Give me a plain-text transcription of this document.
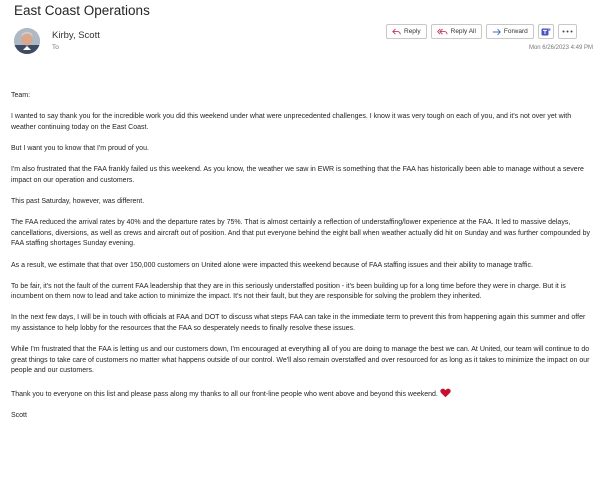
East Coast Operations
Kirby, Scott
To
Reply	Reply All	Forward
Mon 6/26/2023 4:49 PM

Team:

I wanted to say thank you for the incredible work you did this weekend under what were unprecedented challenges. I know it was very tough on each of you, and it's not over yet with weather continuing today on the East Coast.

But I want you to know that I'm proud of you.

I'm also frustrated that the FAA frankly failed us this weekend. As you know, the weather we saw in EWR is something that the FAA has historically been able to manage without a severe impact on our operation and customers.

This past Saturday, however, was different.

The FAA reduced the arrival rates by 40% and the departure rates by 75%. That is almost certainly a reflection of understaffing/lower experience at the FAA. It led to massive delays, cancellations, diversions, as well as crews and aircraft out of position. And that put everyone behind the eight ball when weather actually did hit on Sunday and was further compounded by FAA staffing shortages Sunday evening.

As a result, we estimate that that over 150,000 customers on United alone were impacted this weekend because of FAA staffing issues and their ability to manage traffic.

To be fair, it's not the fault of the current FAA leadership that they are in this seriously understaffed position - it's been building up for a long time before they were in charge. But it is incumbent on them now to lead and take action to minimize the impact. It's not their fault, but they are responsible for solving the problem they inherited.

In the next few days, I will be in touch with officials at FAA and DOT to discuss what steps FAA can take in the immediate term to prevent this from happening again this summer and offer my assistance to help lobby for the resources that the FAA so desperately needs to finally resolve these issues.

While I'm frustrated that the FAA is letting us and our customers down, I'm encouraged at everything all of you are doing to manage the best we can. At United, our team will continue to do great things to take care of customers no matter what happens outside of our control. We'll also remain overstaffed and over resourced for as long as it takes to minimize the impact on our people and our customers.

Thank you to everyone on this list and please pass along my thanks to all our front-line people who went above and beyond this weekend.

Scott
